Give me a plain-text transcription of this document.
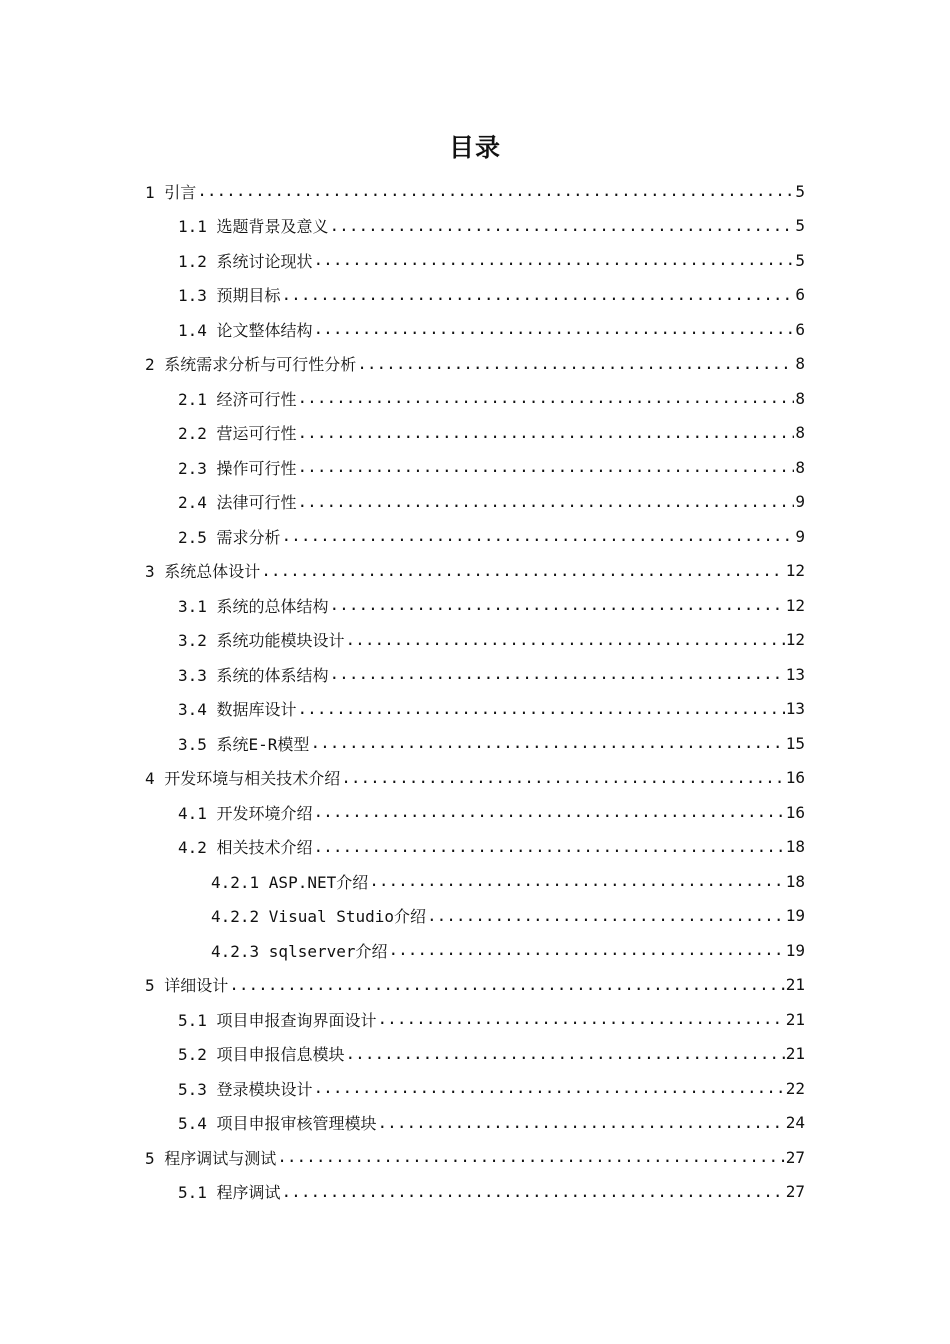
目录
1 引言 .....	5
1.1 选题背景及意义 .....	5
1.2 系统讨论现状 .....	5
1.3 预期目标 .....	6
1.4 论文整体结构 .....	6
2 系统需求分析与可行性分析 .....	8
2.1 经济可行性 .....	8
2.2 营运可行性 .....	8
2.3 操作可行性 .....	8
2.4 法律可行性 .....	9
2.5 需求分析 .....	9
3 系统总体设计 .....	12
3.1 系统的总体结构 .....	12
3.2 系统功能模块设计 .....	12
3.3 系统的体系结构 .....	13
3.4 数据库设计 .....	13
3.5 系统E-R模型 .....	15
4 开发环境与相关技术介绍 .....	16
4.1 开发环境介绍 .....	16
4.2 相关技术介绍 .....	18
4.2.1 ASP.NET介绍 .....	18
4.2.2 Visual Studio介绍 .....	19
4.2.3 sqlserver介绍 .....	19
5 详细设计 .....	21
5.1 项目申报查询界面设计 .....	21
5.2 项目申报信息模块 .....	21
5.3 登录模块设计 .....	22
5.4 项目申报审核管理模块 .....	24
5 程序调试与测试 .....	27
5.1 程序调试 .....	27
